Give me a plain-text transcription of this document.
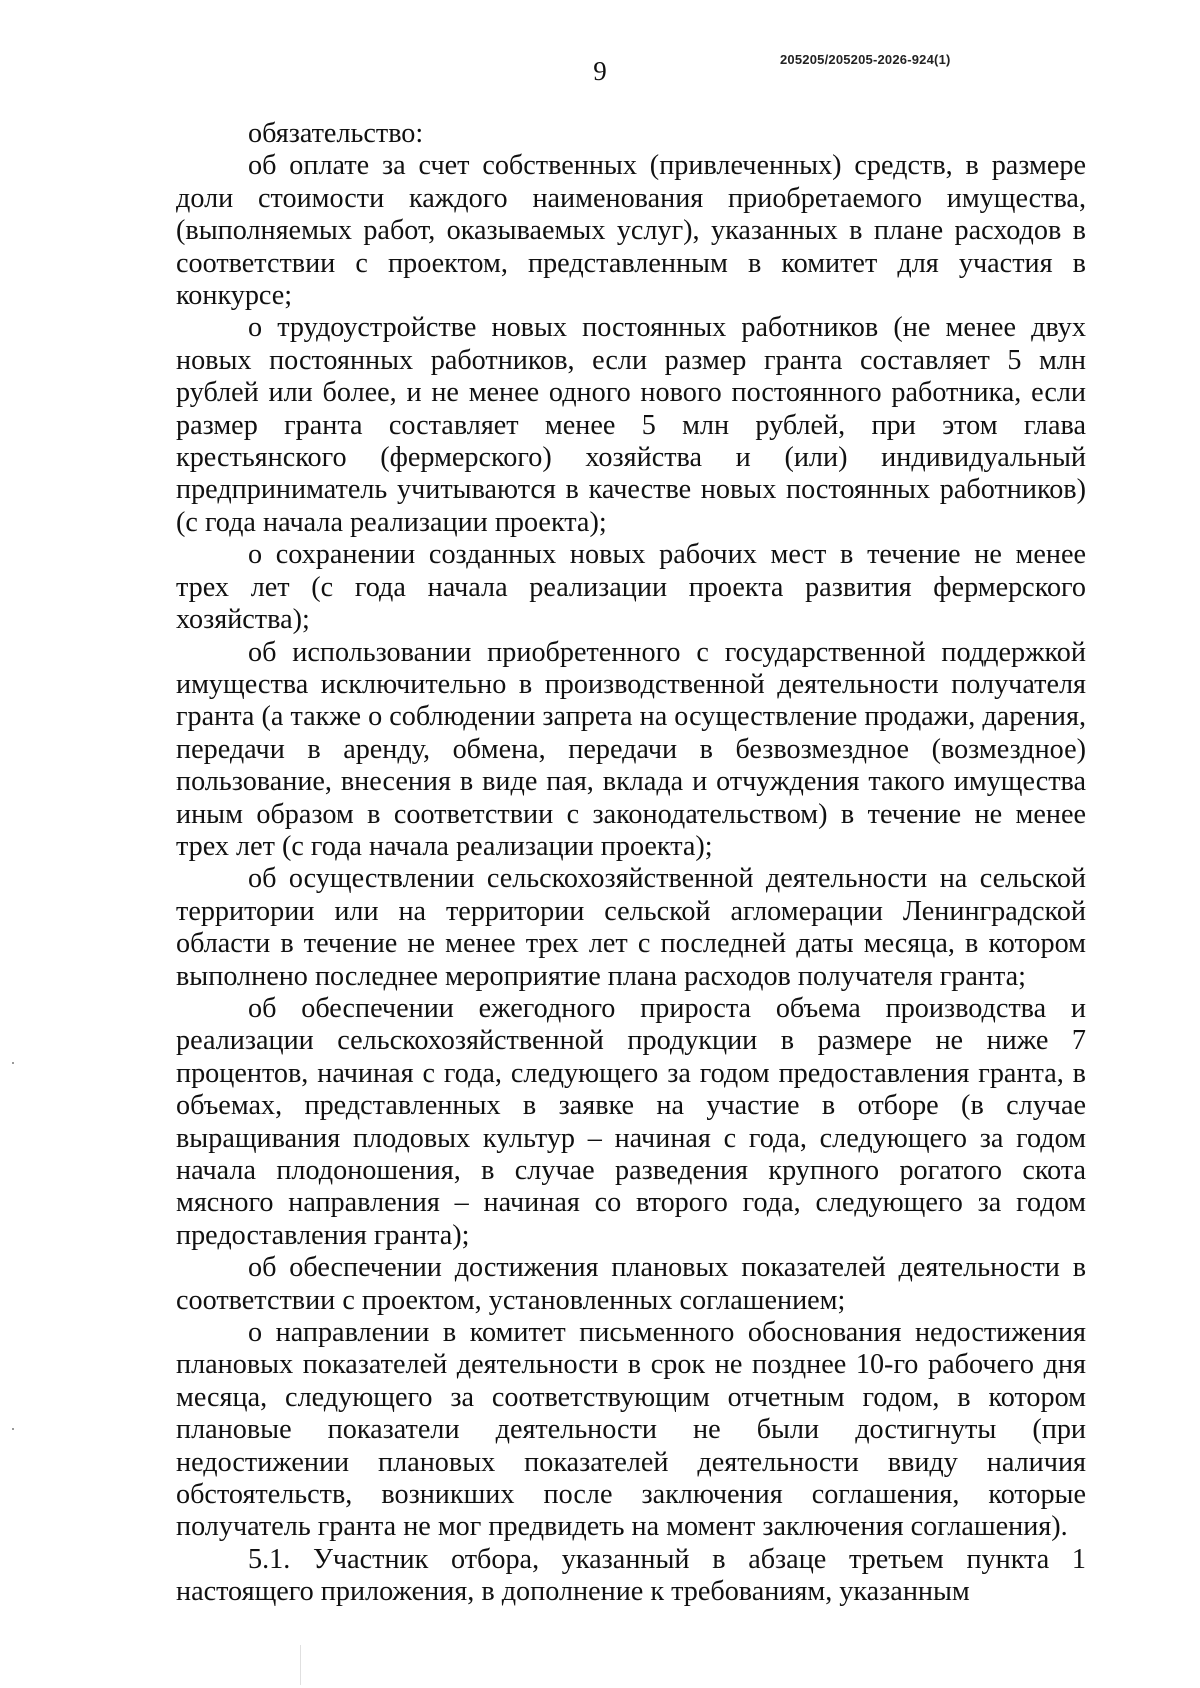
9	205205/205205-2026-924(1)

обязательство:

об оплате за счет собственных (привлеченных) средств, в размере доли стоимости каждого наименования приобретаемого имущества, (выполняемых работ, оказываемых услуг), указанных в плане расходов в соответствии с проектом, представленным в комитет для участия в конкурсе;

о трудоустройстве новых постоянных работников (не менее двух новых постоянных работников, если размер гранта составляет 5 млн рублей или более, и не менее одного нового постоянного работника, если размер гранта составляет менее 5 млн рублей, при этом глава крестьянского (фермерского) хозяйства и (или) индивидуальный предприниматель учитываются в качестве новых постоянных работников) (с года начала реализации проекта);

о сохранении созданных новых рабочих мест в течение не менее трех лет (с года начала реализации проекта развития фермерского хозяйства);

об использовании приобретенного с государственной поддержкой имущества исключительно в производственной деятельности получателя гранта (а также о соблюдении запрета на осуществление продажи, дарения, передачи в аренду, обмена, передачи в безвозмездное (возмездное) пользование, внесения в виде пая, вклада и отчуждения такого имущества иным образом в соответствии с законодательством) в течение не менее трех лет (с года начала реализации проекта);

об осуществлении сельскохозяйственной деятельности на сельской территории или на территории сельской агломерации Ленинградской области в течение не менее трех лет с последней даты месяца, в котором выполнено последнее мероприятие плана расходов получателя гранта;

об обеспечении ежегодного прироста объема производства и реализации сельскохозяйственной продукции в размере не ниже 7 процентов, начиная с года, следующего за годом предоставления гранта, в объемах, представленных в заявке на участие в отборе (в случае выращивания плодовых культур – начиная с года, следующего за годом начала плодоношения, в случае разведения крупного рогатого скота мясного направления – начиная со второго года, следующего за годом предоставления гранта);

об обеспечении достижения плановых показателей деятельности в соответствии с проектом, установленных соглашением;

о направлении в комитет письменного обоснования недостижения плановых показателей деятельности в срок не позднее 10-го рабочего дня месяца, следующего за соответствующим отчетным годом, в котором плановые показатели деятельности не были достигнуты (при недостижении плановых показателей деятельности ввиду наличия обстоятельств, возникших после заключения соглашения, которые получатель гранта не мог предвидеть на момент заключения соглашения).

5.1. Участник отбора, указанный в абзаце третьем пункта 1 настоящего приложения, в дополнение к требованиям, указанным
